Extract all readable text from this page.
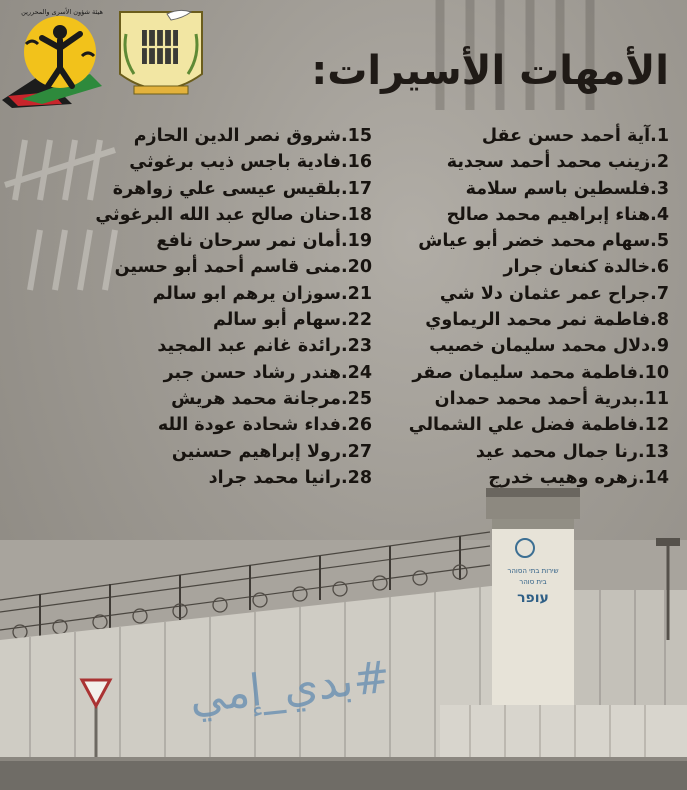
שירות בתי הסוהר
בית סוהר
עופר
#بدي_إمي
هيئة شؤون الأسرى والمحررين
الأمهات الأسيرات:
1.آية أحمد حسن عقل
2.زينب محمد أحمد سجدية
3.فلسطين باسم سلامة
4.هناء إبراهيم محمد صالح
5.سهام محمد خضر أبو عياش
6.خالدة كنعان جرار
7.جراح عمر عثمان دلا شي
8.فاطمة نمر محمد الريماوي
9.دلال محمد سليمان خصيب
10.فاطمة محمد سليمان صقر
11.بدرية أحمد محمد حمدان
12.فاطمة فضل علي الشمالي
13.رنا جمال محمد عيد
14.زهره وهيب خدرج
15.شروق نصر الدين الحازم
16.فادية باجس ذيب برغوثي
17.بلقيس عيسى علي زواهرة
18.حنان صالح عبد الله البرغوثي
19.أمان نمر سرحان نافع
20.منى قاسم أحمد أبو حسين
21.سوزان يرهم ابو سالم
22.سهام أبو سالم
23.رائدة غانم عبد المجيد
24.هندر رشاد حسن جبر
25.مرجانة محمد هريش
26.فداء شحادة عودة الله
27.رولا إبراهيم حسنين
28.رانيا محمد جراد
